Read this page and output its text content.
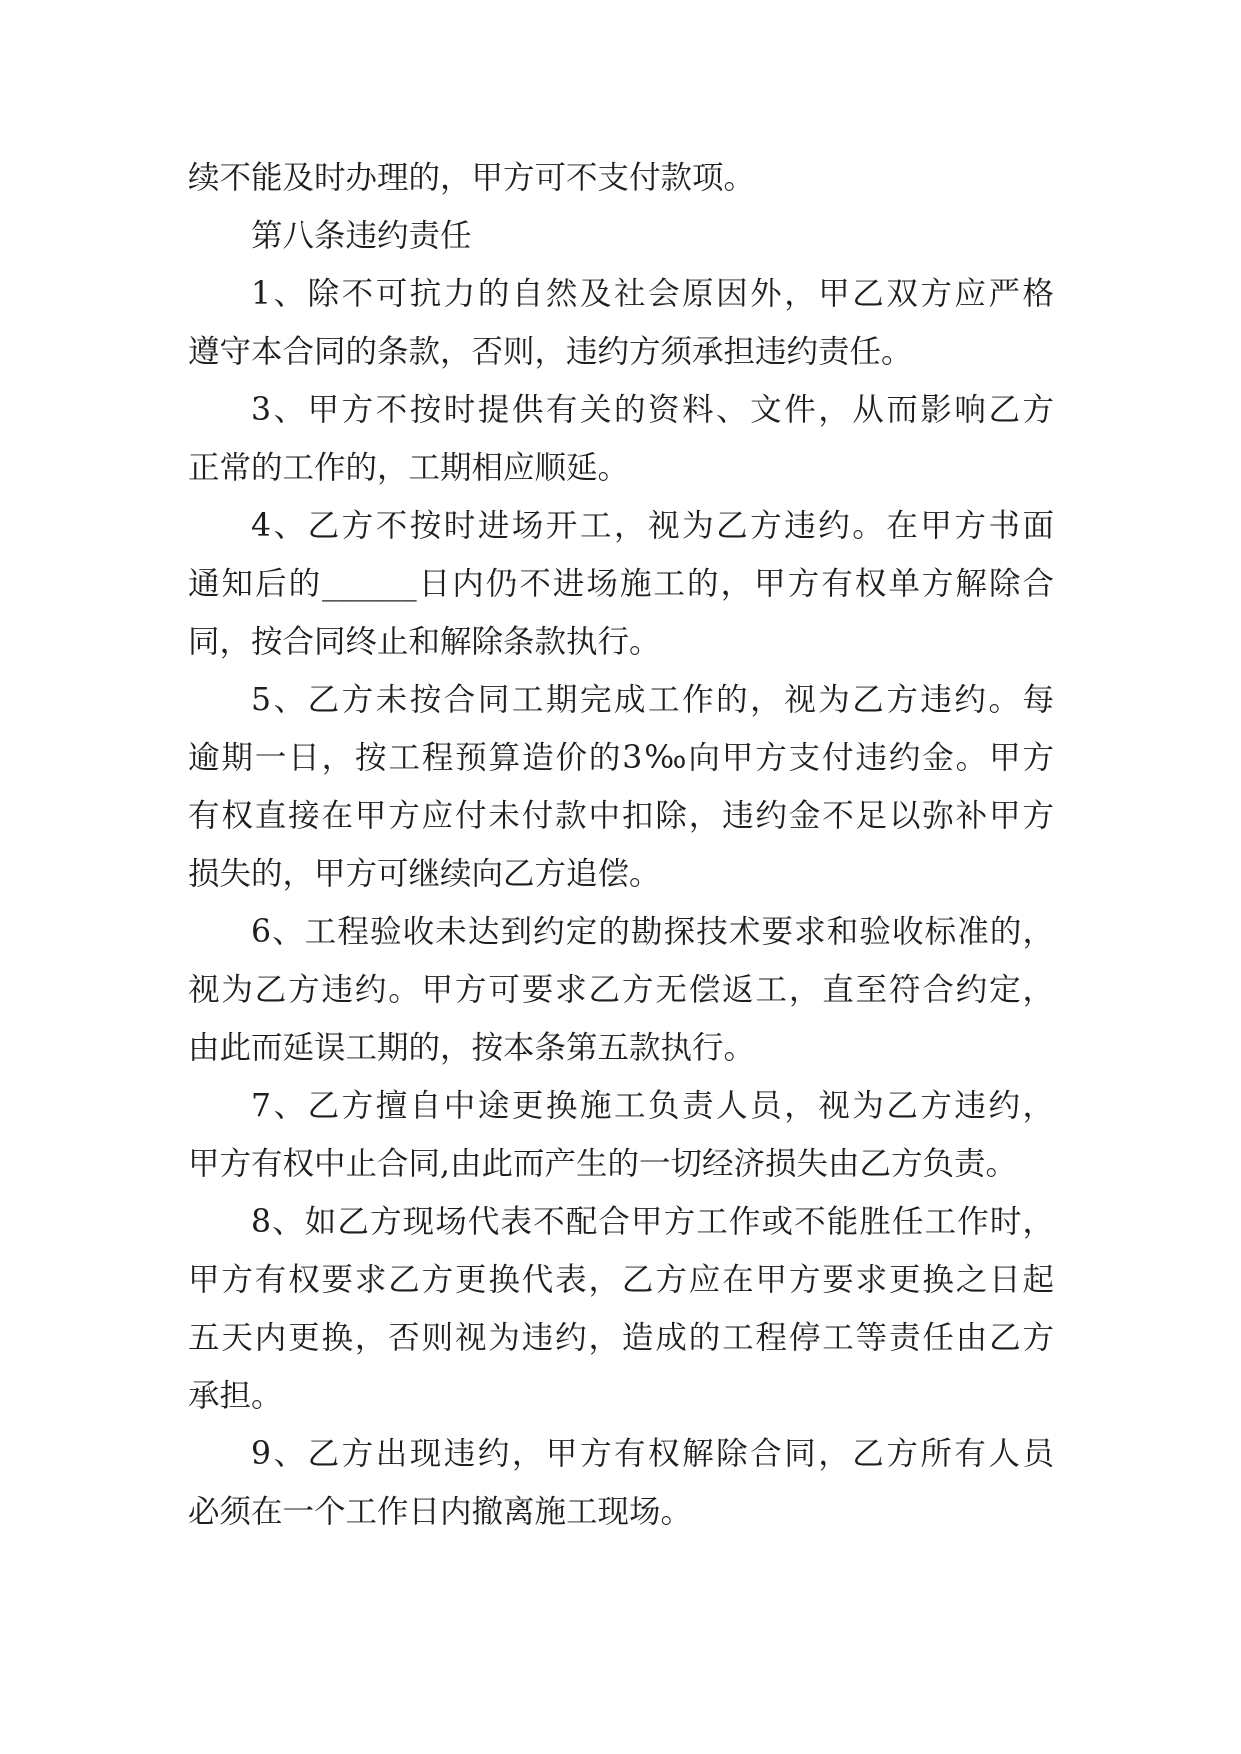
续不能及时办理的，甲方可不支付款项。
第八条违约责任
1、除不可抗力的自然及社会原因外，甲乙双方应严格
遵守本合同的条款，否则，违约方须承担违约责任。
3、甲方不按时提供有关的资料、文件，从而影响乙方
正常的工作的，工期相应顺延。
4、乙方不按时进场开工，视为乙方违约。在甲方书面
通知后的______日内仍不进场施工的，甲方有权单方解除合
同，按合同终止和解除条款执行。
5、乙方未按合同工期完成工作的，视为乙方违约。每
逾期一日，按工程预算造价的3‰向甲方支付违约金。甲方
有权直接在甲方应付未付款中扣除，违约金不足以弥补甲方
损失的，甲方可继续向乙方追偿。
6、工程验收未达到约定的勘探技术要求和验收标准的，
视为乙方违约。甲方可要求乙方无偿返工，直至符合约定，
由此而延误工期的，按本条第五款执行。
7、乙方擅自中途更换施工负责人员，视为乙方违约，
甲方有权中止合同,由此而产生的一切经济损失由乙方负责。
8、如乙方现场代表不配合甲方工作或不能胜任工作时，
甲方有权要求乙方更换代表，乙方应在甲方要求更换之日起
五天内更换，否则视为违约，造成的工程停工等责任由乙方
承担。
9、乙方出现违约，甲方有权解除合同，乙方所有人员
必须在一个工作日内撤离施工现场。
